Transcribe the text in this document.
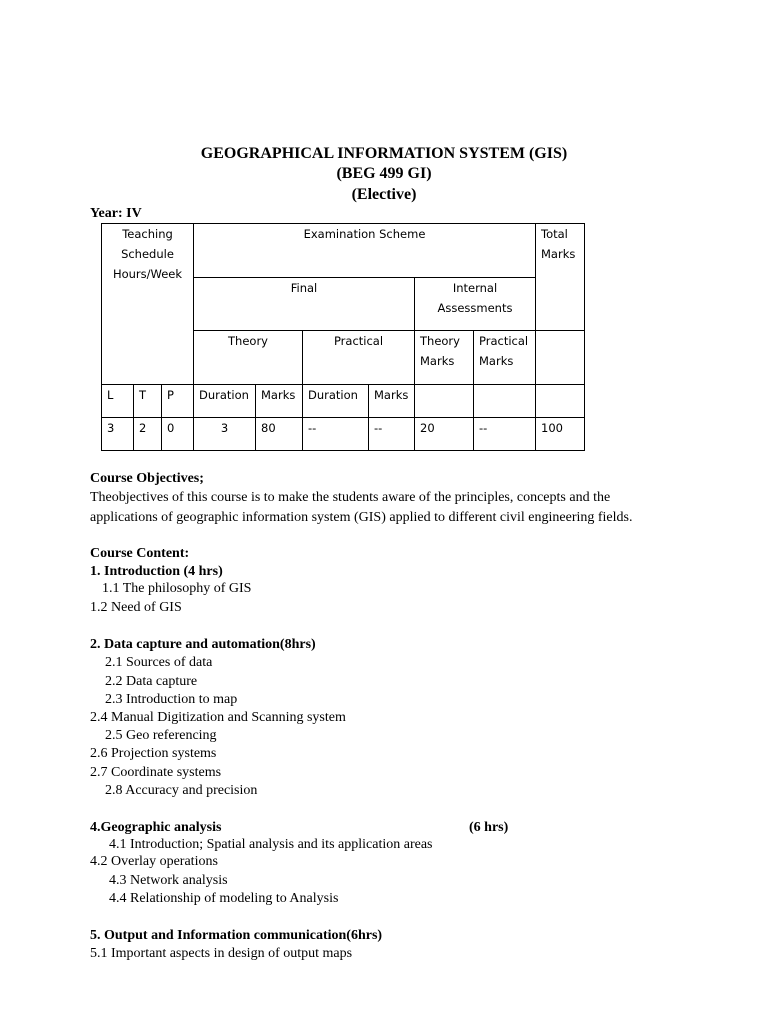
GEOGRAPHICAL INFORMATION SYSTEM (GIS)
(BEG 499 GI)
(Elective)
Year: IV
Teaching Schedule Hours/Week			Examination Scheme						Total Marks
			Final				Internal Assessments		
			Theory		Practical		Theory Marks	Practical Marks	
L	T	P	Duration	Marks	Duration	Marks			
3	2	0	3	80	--	--	20	--	100
Course Objectives;
Theobjectives of this course is to make the students aware of the principles, concepts and the
applications of geographic information system (GIS) applied to different civil engineering fields.
Course Content:
1. Introduction (4 hrs)
1.1 The philosophy of GIS
1.2 Need of GIS
2. Data capture and automation(8hrs)
2.1 Sources of data
2.2 Data capture
2.3 Introduction to map
2.4 Manual Digitization and Scanning system
2.5 Geo referencing
2.6 Projection systems
2.7 Coordinate systems
2.8 Accuracy and precision
4.Geographic analysis	(6 hrs)
4.1 Introduction; Spatial analysis and its application areas
4.2 Overlay operations
4.3 Network analysis
4.4 Relationship of modeling to Analysis
5. Output and Information communication(6hrs)
5.1 Important aspects in design of output maps
